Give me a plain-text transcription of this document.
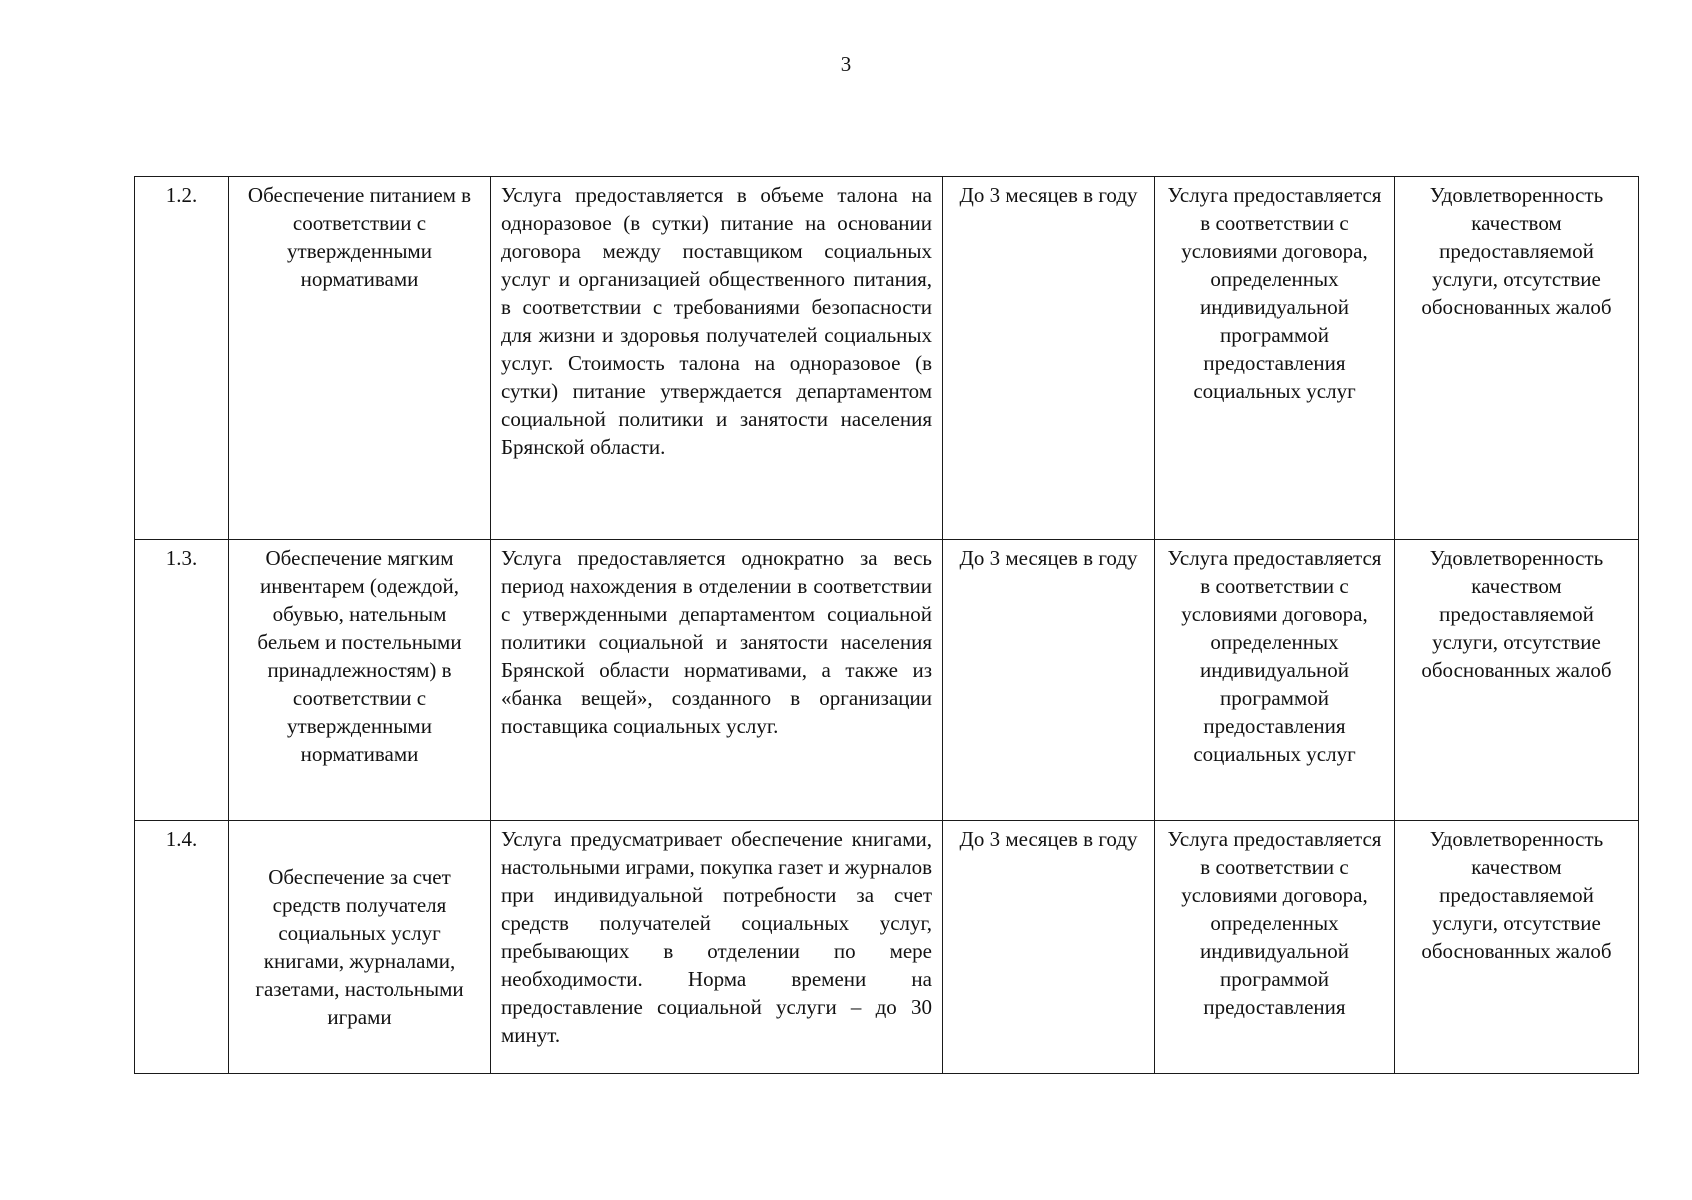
3
1.2.	Обеспечение питанием в соответствии с утвержденными нормативами	Услуга предоставляется в объеме талона на одноразовое (в сутки) питание на основании договора между поставщиком социальных услуг и организацией общественного питания, в соответствии с требованиями безопасности для жизни и здоровья получателей социальных услуг. Стоимость талона на одноразовое (в сутки) питание утверждается департаментом социальной политики и занятости населения Брянской области.	До 3 месяцев в году	Услуга предоставляется в соответствии с условиями договора, определенных индивидуальной программой предоставления социальных услуг	Удовлетворенность качеством предоставляемой услуги, отсутствие обоснованных жалоб
1.3.	Обеспечение мягким инвентарем (одеждой, обувью, нательным бельем и постельными принадлежностям) в соответствии с утвержденными нормативами	Услуга предоставляется однократно за весь период нахождения в отделении в соответствии с утвержденными департаментом социальной политики социальной и занятости населения Брянской области нормативами, а также из «банка вещей», созданного в организации поставщика социальных услуг.	До 3 месяцев в году	Услуга предоставляется в соответствии с условиями договора, определенных индивидуальной программой предоставления социальных услуг	Удовлетворенность качеством предоставляемой услуги, отсутствие обоснованных жалоб
1.4.	Обеспечение за счет средств получателя социальных услуг книгами, журналами, газетами, настольными играми	Услуга предусматривает обеспечение книгами, настольными играми, покупка газет и журналов при индивидуальной потребности за счет средств получателей социальных услуг, пребывающих в отделении по мере необходимости. Норма времени на предоставление социальной услуги – до 30 минут.	До 3 месяцев в году	Услуга предоставляется в соответствии с условиями договора, определенных индивидуальной программой предоставления	Удовлетворенность качеством предоставляемой услуги, отсутствие обоснованных жалоб
